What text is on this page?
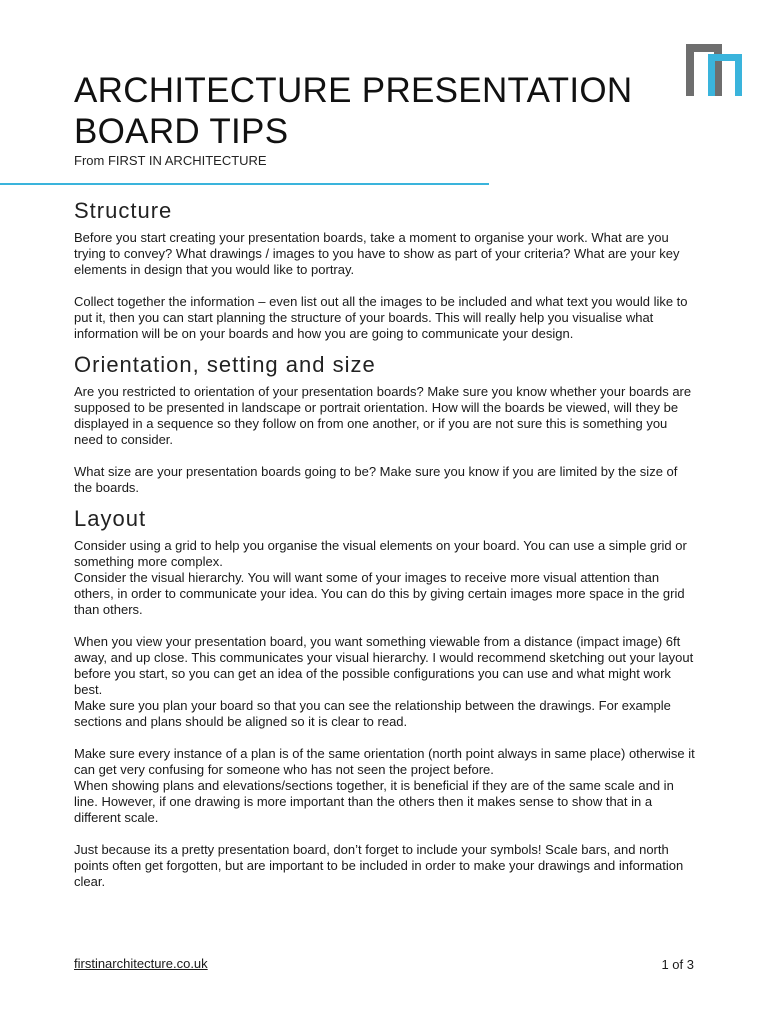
ARCHITECTURE PRESENTATION BOARD TIPS

From FIRST IN ARCHITECTURE

Structure

Before you start creating your presentation boards, take a moment to organise your work. What are you trying to convey? What drawings / images to you have to show as part of your criteria? What are your key elements in design that you would like to portray.

Collect together the information – even list out all the images to be included and what text you would like to put it, then you can start planning the structure of your boards. This will really help you visualise what information will be on your boards and how you are going to communicate your design.

Orientation, setting and size

Are you restricted to orientation of your presentation boards? Make sure you know whether your boards are supposed to be presented in landscape or portrait orientation. How will the boards be viewed, will they be displayed in a sequence so they follow on from one another, or if you are not sure this is something you need to consider.

What size are your presentation boards going to be? Make sure you know if you are limited by the size of the boards.

Layout

Consider using a grid to help you organise the visual elements on your board. You can use a simple grid or something more complex.

Consider the visual hierarchy. You will want some of your images to receive more visual attention than others, in order to communicate your idea. You can do this by giving certain images more space in the grid than others.

When you view your presentation board, you want something viewable from a distance (impact image) 6ft away, and up close. This communicates your visual hierarchy. I would recommend sketching out your layout before you start, so you can get an idea of the possible configurations you can use and what might work best.

Make sure you plan your board so that you can see the relationship between the drawings. For example sections and plans should be aligned so it is clear to read.

Make sure every instance of a plan is of the same orientation (north point always in same place) otherwise it can get very confusing for someone who has not seen the project before.

When showing plans and elevations/sections together, it is beneficial if they are of the same scale and in line. However, if one drawing is more important than the others then it makes sense to show that in a different scale.

Just because its a pretty presentation board, don’t forget to include your symbols! Scale bars, and north points often get forgotten, but are important to be included in order to make your drawings and information clear.

firstinarchitecture.co.uk	1 of 3
